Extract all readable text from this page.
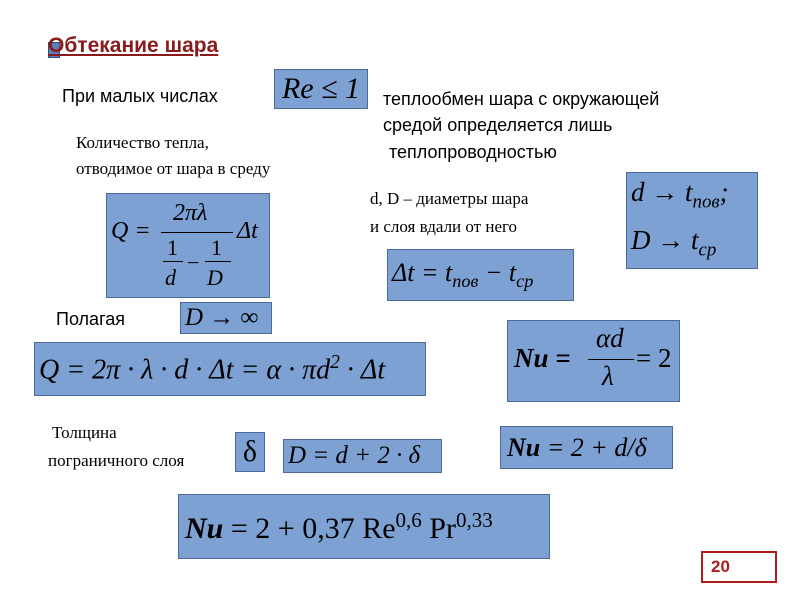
Обтекание шара
При малых числах Re ≤ 1 теплообмен шара с окружающей
средой определяется лишь
теплопроводностью
Количество тепла,
отводимое от шара в среду
Q =
2πλ
1
d
−
1
D
Δt
d, D – диаметры шара
и слоя вдали от него
$d \to t_{пов}$;
$D \to t_{ср}$
$\Delta t = t_{пов} - t_{ср}$
Полагая D → ∞
$Q = 2\pi \cdot \lambda \cdot d \cdot \Delta t = \alpha \cdot \pi d^2 \cdot \Delta t$	Nu =
αd
λ
= 2
Толщина
пограничного слоя δ D = d + 2 · δ	Nu = 2 + d/δ
Nu = 2 + 0,37 Re$^{0,6}$ Pr$^{0,33}$
20
